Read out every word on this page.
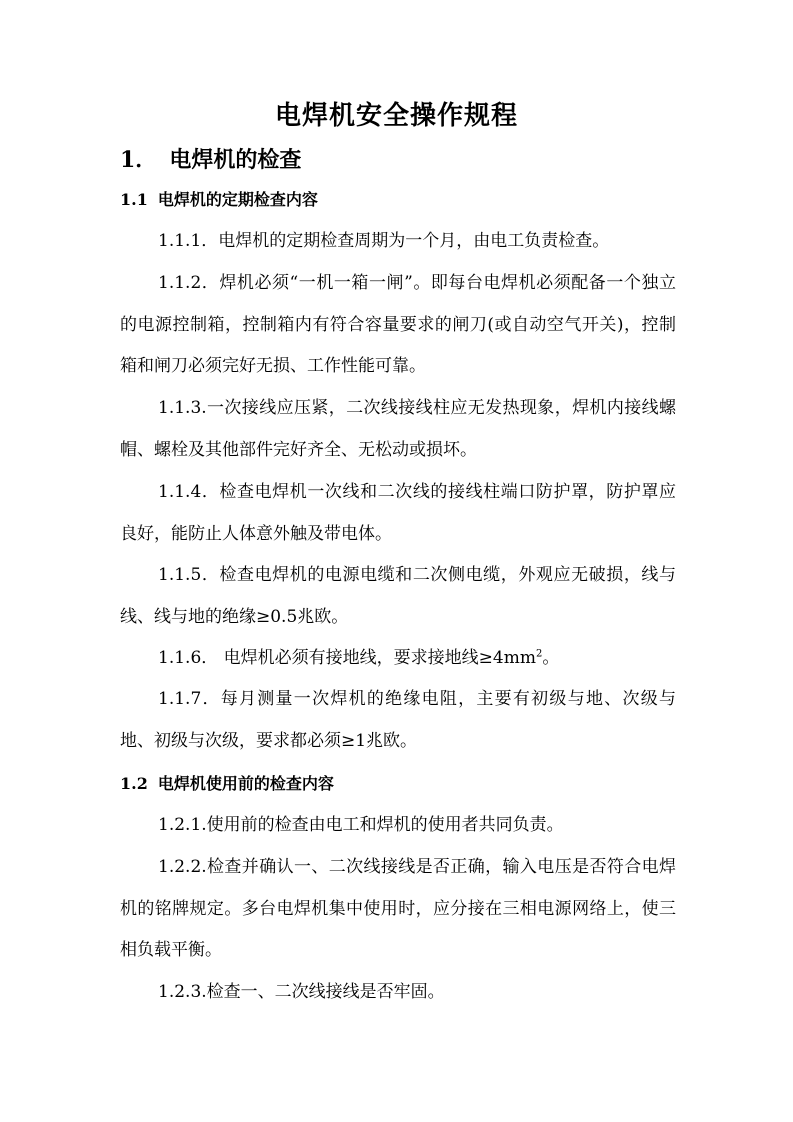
电焊机安全操作规程
1． 电焊机的检查
1.1 电焊机的定期检查内容

1.1.1．电焊机的定期检查周期为一个月，由电工负责检查。

1.1.2．焊机必须“一机一箱一闸”。即每台电焊机必须配备一个独立的电源控制箱，控制箱内有符合容量要求的闸刀(或自动空气开关)，控制箱和闸刀必须完好无损、工作性能可靠。

1.1.3.一次接线应压紧，二次线接线柱应无发热现象，焊机内接线螺帽、螺栓及其他部件完好齐全、无松动或损坏。

1.1.4．检查电焊机一次线和二次线的接线柱端口防护罩，防护罩应良好，能防止人体意外触及带电体。

1.1.5．检查电焊机的电源电缆和二次侧电缆，外观应无破损，线与线、线与地的绝缘≥0.5兆欧。

1.1.6． 电焊机必须有接地线，要求接地线$\ge 4mm^2$。

1.1.7．每月测量一次焊机的绝缘电阻，主要有初级与地、次级与地、初级与次级，要求都必须≥1兆欧。

1.2 电焊机使用前的检查内容

1.2.1.使用前的检查由电工和焊机的使用者共同负责。

1.2.2.检查并确认一、二次线接线是否正确，输入电压是否符合电焊机的铭牌规定。多台电焊机集中使用时，应分接在三相电源网络上，使三相负载平衡。

1.2.3.检查一、二次线接线是否牢固。
